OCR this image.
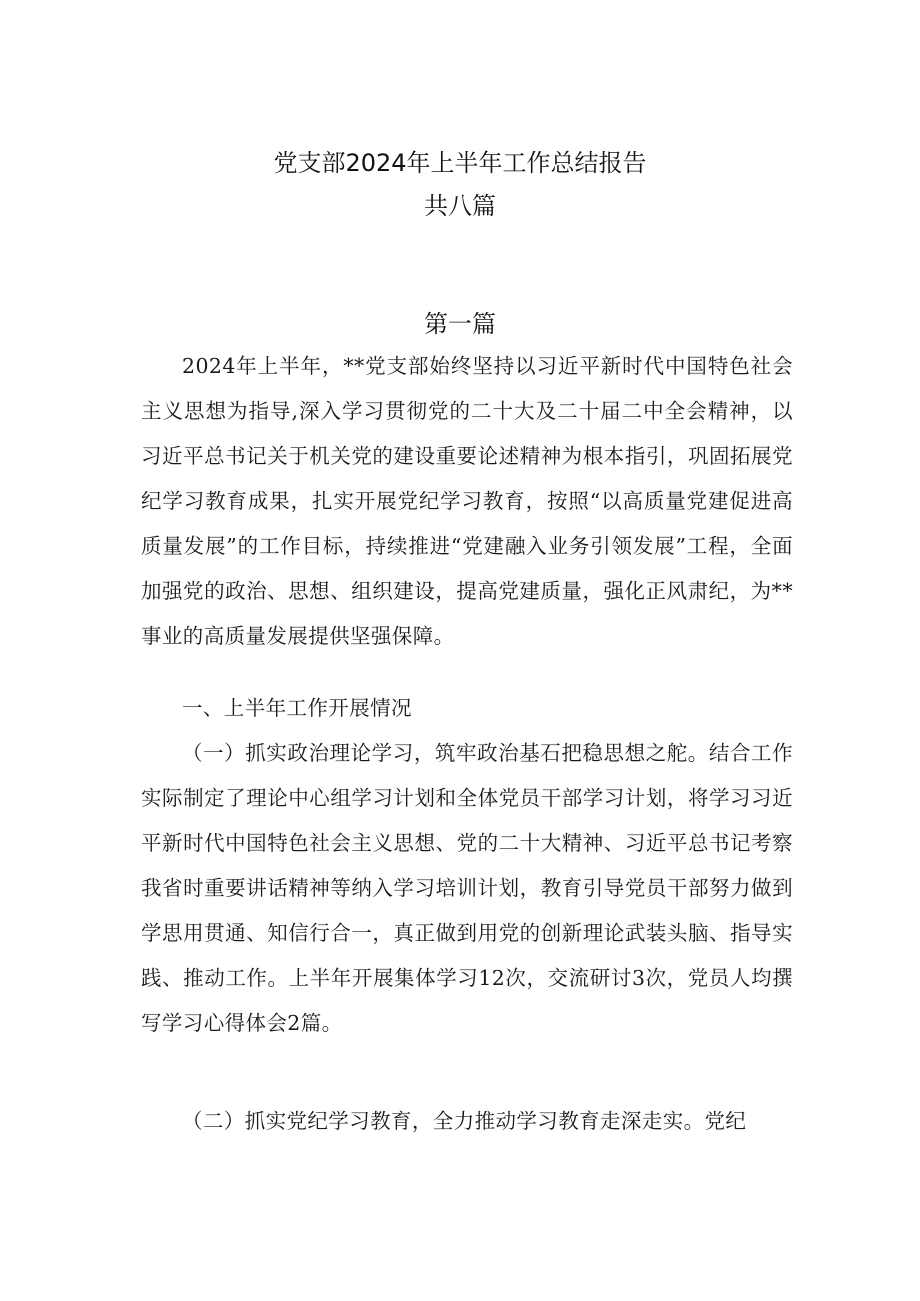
党支部2024年上半年工作总结报告
共八篇
第一篇
2024年上半年，**党支部始终坚持以习近平新时代中国特色社会主义思想为指导,深入学习贯彻党的二十大及二十届二中全会精神，以习近平总书记关于机关党的建设重要论述精神为根本指引，巩固拓展党纪学习教育成果，扎实开展党纪学习教育，按照“以高质量党建促进高质量发展”的工作目标，持续推进“党建融入业务引领发展”工程，全面加强党的政治、思想、组织建设，提高党建质量，强化正风肃纪，为**事业的高质量发展提供坚强保障。
一、上半年工作开展情况
（一）抓实政治理论学习，筑牢政治基石把稳思想之舵。结合工作实际制定了理论中心组学习计划和全体党员干部学习计划，将学习习近平新时代中国特色社会主义思想、党的二十大精神、习近平总书记考察我省时重要讲话精神等纳入学习培训计划，教育引导党员干部努力做到学思用贯通、知信行合一，真正做到用党的创新理论武装头脑、指导实践、推动工作。上半年开展集体学习12次，交流研讨3次，党员人均撰写学习心得体会2篇。
（二）抓实党纪学习教育，全力推动学习教育走深走实。党纪
